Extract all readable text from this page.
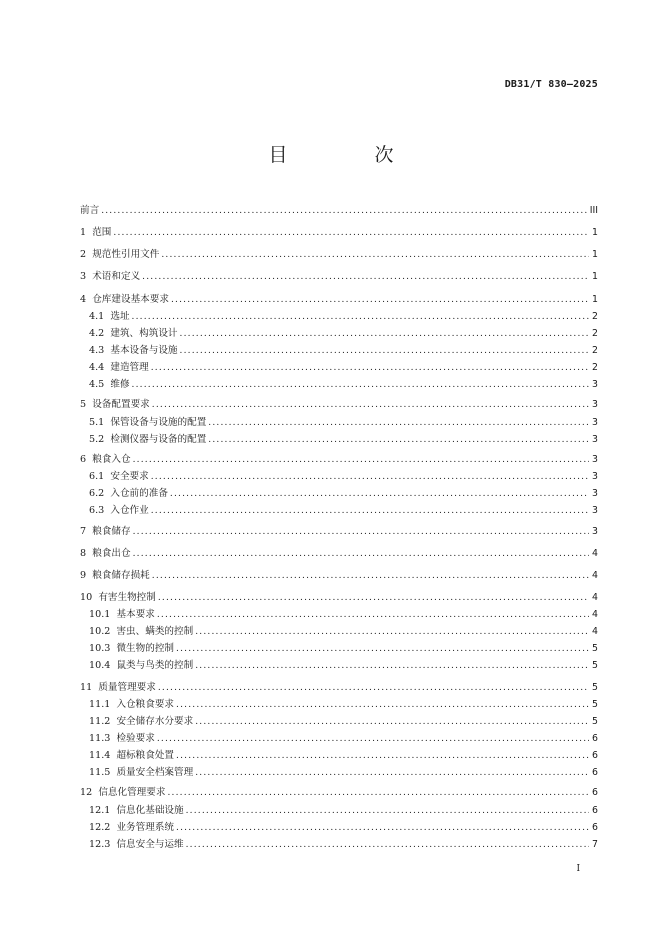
DB31/T 830—2025
目　次
前言 .....	III
1 范围 .....	1
2 规范性引用文件 .....	1
3 术语和定义 .....	1
4 仓库建设基本要求 .....	1
4.1 选址 .....	2
4.2 建筑、构筑设计 .....	2
4.3 基本设备与设施 .....	2
4.4 建造管理 .....	2
4.5 维修 .....	3
5 设备配置要求 .....	3
5.1 保管设备与设施的配置 .....	3
5.2 检测仪器与设备的配置 .....	3
6 粮食入仓 .....	3
6.1 安全要求 .....	3
6.2 入仓前的准备 .....	3
6.3 入仓作业 .....	3
7 粮食储存 .....	3
8 粮食出仓 .....	4
9 粮食储存损耗 .....	4
10 有害生物控制 .....	4
10.1 基本要求 .....	4
10.2 害虫、螨类的控制 .....	4
10.3 微生物的控制 .....	5
10.4 鼠类与鸟类的控制 .....	5
11 质量管理要求 .....	5
11.1 入仓粮食要求 .....	5
11.2 安全储存水分要求 .....	5
11.3 检验要求 .....	6
11.4 超标粮食处置 .....	6
11.5 质量安全档案管理 .....	6
12 信息化管理要求 .....	6
12.1 信息化基础设施 .....	6
12.2 业务管理系统 .....	6
12.3 信息安全与运维 .....	7
I
